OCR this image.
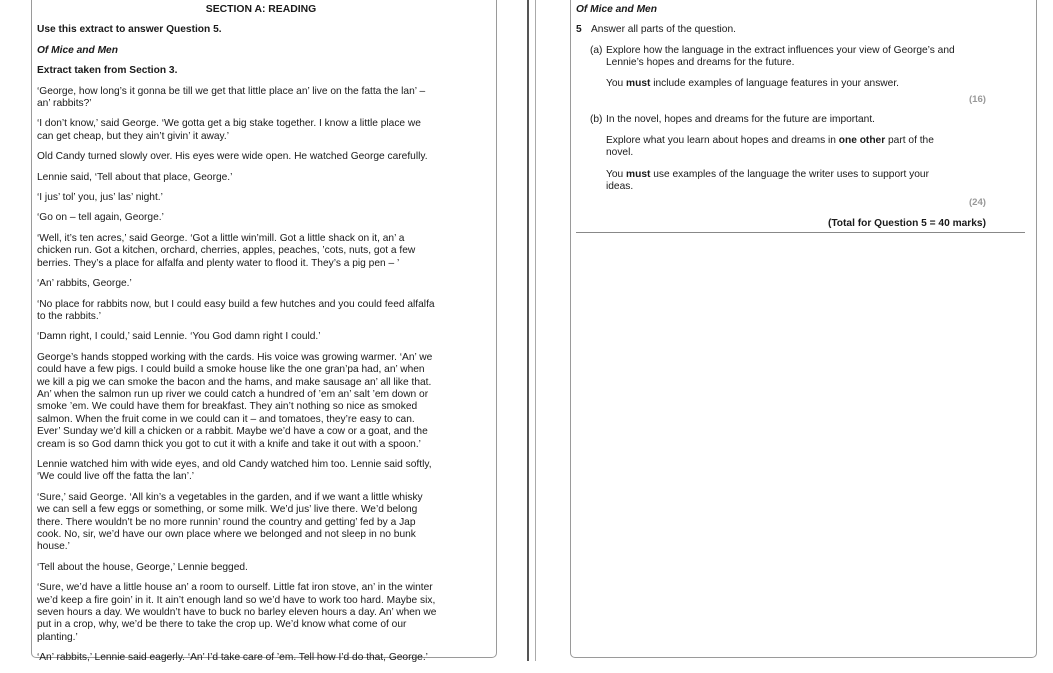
SECTION A: READING
Use this extract to answer Question 5.
Of Mice and Men
Extract taken from Section 3.
‘George, how long’s it gonna be till we get that little place an’ live on the fatta the lan’ – an’ rabbits?’
‘I don’t know,’ said George. ‘We gotta get a big stake together. I know a little place we can get cheap, but they ain’t givin’ it away.’
Old Candy turned slowly over. His eyes were wide open. He watched George carefully.
Lennie said, ‘Tell about that place, George.’
‘I jus’ tol’ you, jus’ las’ night.’
‘Go on – tell again, George.’
‘Well, it’s ten acres,’ said George. ‘Got a little win’mill. Got a little shack on it, an’ a chicken run. Got a kitchen, orchard, cherries, apples, peaches, ’cots, nuts, got a few berries. They’s a place for alfalfa and plenty water to flood it. They’s a pig pen – ’
‘An’ rabbits, George.’
‘No place for rabbits now, but I could easy build a few hutches and you could feed alfalfa to the rabbits.’
‘Damn right, I could,’ said Lennie. ‘You God damn right I could.’
George’s hands stopped working with the cards. His voice was growing warmer. ‘An’ we could have a few pigs. I could build a smoke house like the one gran’pa had, an’ when we kill a pig we can smoke the bacon and the hams, and make sausage an’ all like that. An’ when the salmon run up river we could catch a hundred of ’em an’ salt ’em down or smoke ’em. We could have them for breakfast. They ain’t nothing so nice as smoked salmon. When the fruit come in we could can it – and tomatoes, they’re easy to can. Ever’ Sunday we’d kill a chicken or a rabbit. Maybe we’d have a cow or a goat, and the cream is so God damn thick you got to cut it with a knife and take it out with a spoon.’
Lennie watched him with wide eyes, and old Candy watched him too. Lennie said softly, ‘We could live off the fatta the lan’.’
‘Sure,’ said George. ‘All kin’s a vegetables in the garden, and if we want a little whisky we can sell a few eggs or something, or some milk. We’d jus’ live there. We’d belong there. There wouldn’t be no more runnin’ round the country and getting’ fed by a Jap cook. No, sir, we’d have our own place where we belonged and not sleep in no bunk house.’
‘Tell about the house, George,’ Lennie begged.
‘Sure, we’d have a little house an’ a room to ourself. Little fat iron stove, an’ in the winter we’d keep a fire goin’ in it. It ain’t enough land so we’d have to work too hard. Maybe six, seven hours a day. We wouldn’t have to buck no barley eleven hours a day. An’ when we put in a crop, why, we’d be there to take the crop up. We’d know what come of our planting.’
‘An’ rabbits,’ Lennie said eagerly. ‘An’ I’d take care of ’em. Tell how I’d do that, George.’
Of Mice and Men
5 Answer all parts of the question.
(a) Explore how the language in the extract influences your view of George’s and Lennie’s hopes and dreams for the future.
You must include examples of language features in your answer.
(16)
(b) In the novel, hopes and dreams for the future are important.
Explore what you learn about hopes and dreams in one other part of the novel.
You must use examples of the language the writer uses to support your ideas.
(24)
(Total for Question 5 = 40 marks)
